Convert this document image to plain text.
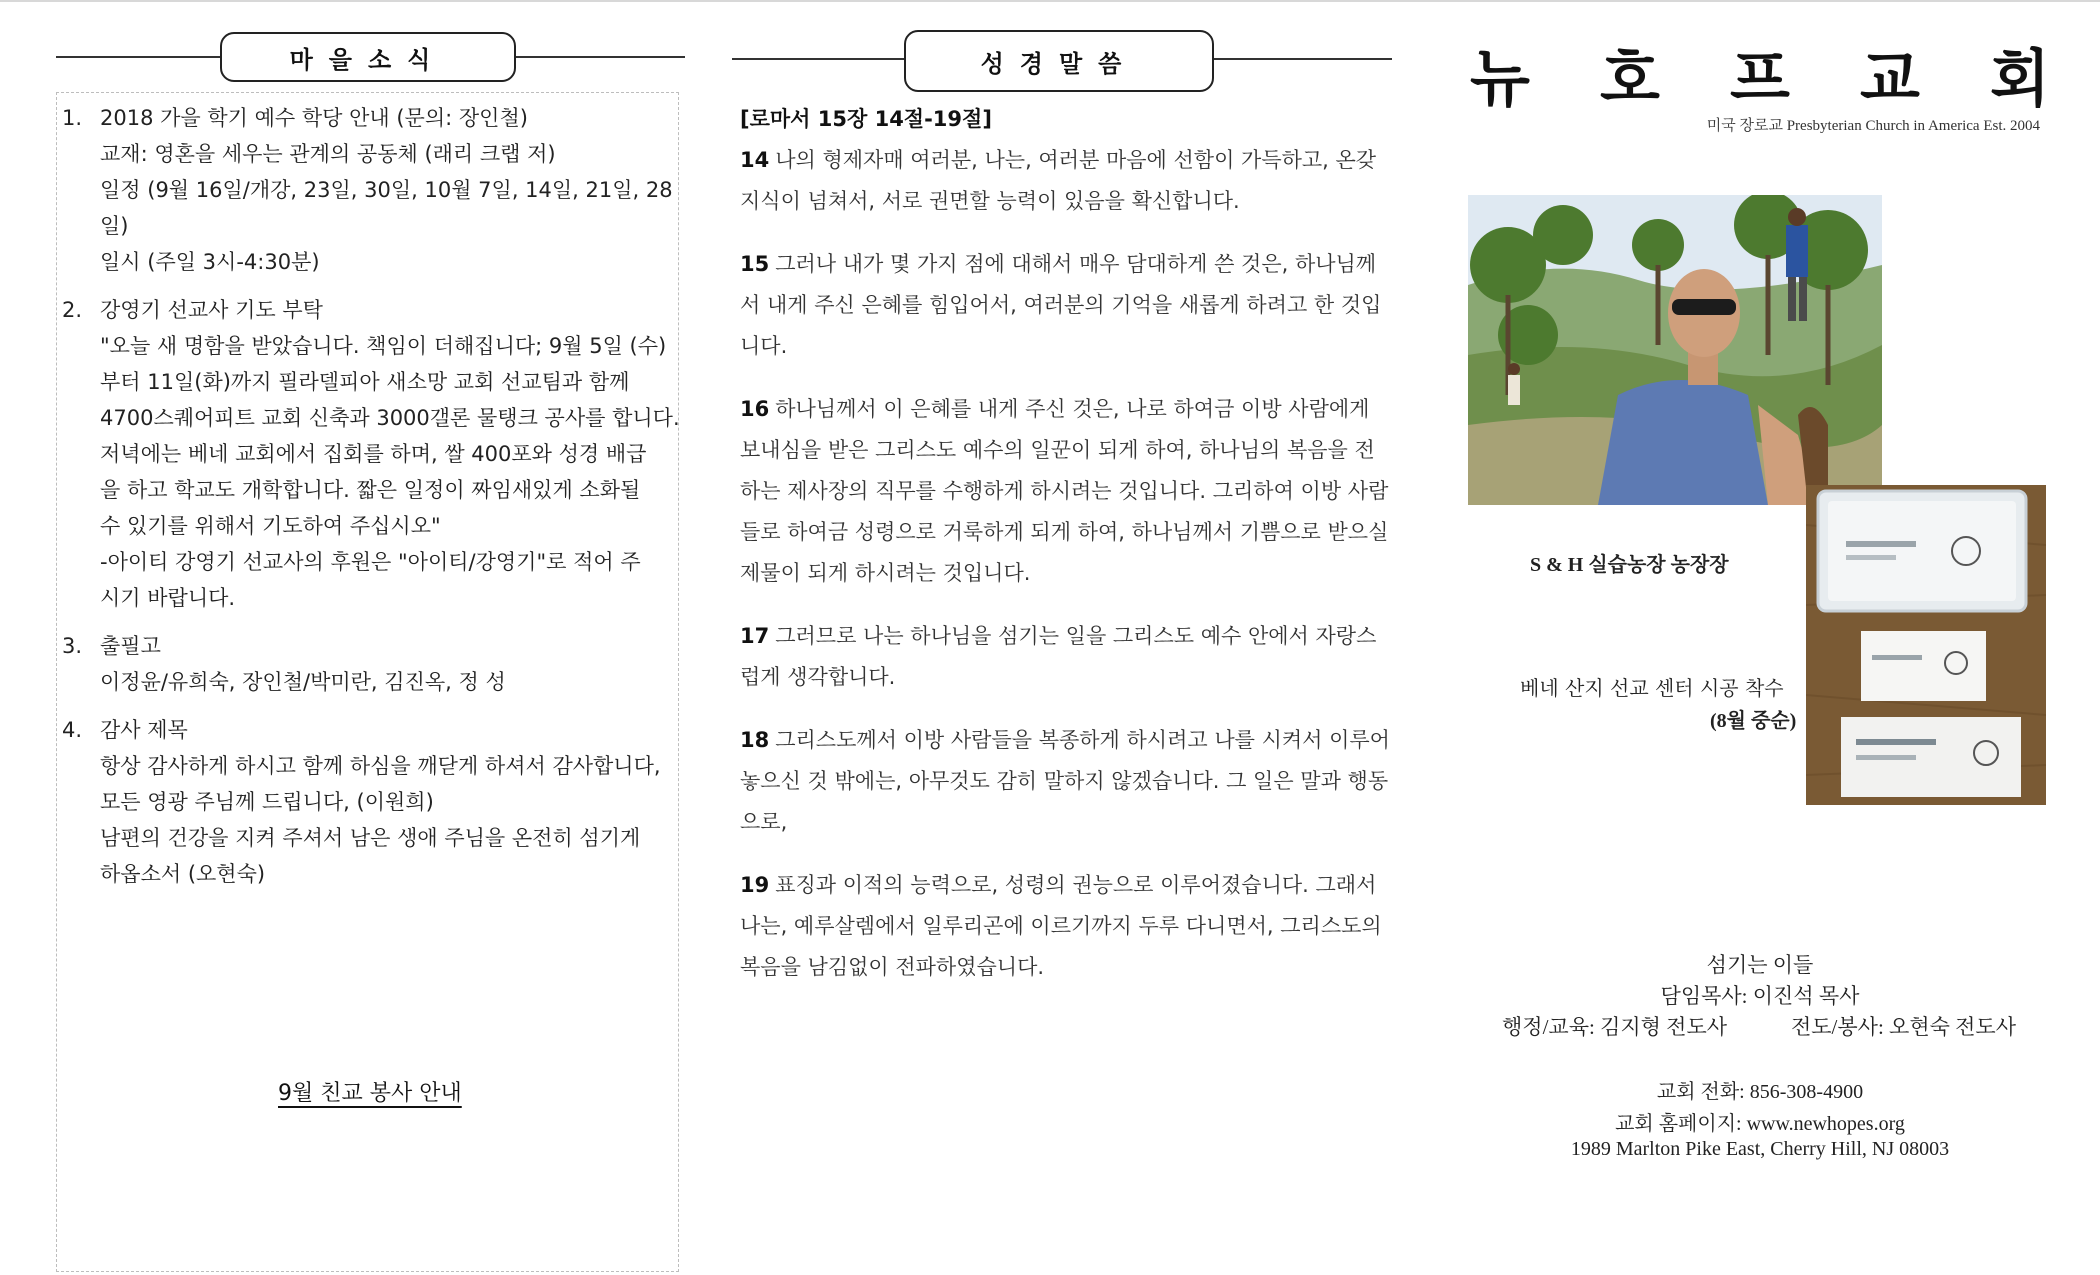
마을소식
1. 2018 가을 학기 예수 학당 안내 (문의: 장인철)
교재: 영혼을 세우는 관계의 공동체 (래리 크랩 저)
일정 (9월 16일/개강, 23일, 30일, 10월 7일, 14일, 21일, 28일)
일시 (주일 3시-4:30분)
2. 강영기 선교사 기도 부탁
"오늘 새 명함을 받았습니다. 책임이 더해집니다; 9월 5일 (수)
부터 11일(화)까지 필라델피아 새소망 교회 선교팀과 함께
4700스퀘어피트 교회 신축과 3000갤론 물탱크 공사를 합니다.
저녁에는 베네 교회에서 집회를 하며, 쌀 400포와 성경 배급
을 하고 학교도 개학합니다. 짧은 일정이 짜임새있게 소화될
수 있기를 위해서 기도하여 주십시오"
-아이티 강영기 선교사의 후원은 "아이티/강영기"로 적어 주
시기 바랍니다.
3. 출필고
이정윤/유희숙, 장인철/박미란, 김진옥, 정 성
4. 감사 제목
항상 감사하게 하시고 함께 하심을 깨닫게 하셔서 감사합니다,
모든 영광 주님께 드립니다, (이원희)
남편의 건강을 지켜 주셔서 남은 생애 주님을 온전히 섬기게
하옵소서 (오현숙)
9월 친교 봉사 안내
성경말씀
[로마서 15장 14절-19절]
14 나의 형제자매 여러분, 나는, 여러분 마음에 선함이 가득하고, 온갖 지식이 넘쳐서, 서로 권면할 능력이 있음을 확신합니다.
15 그러나 내가 몇 가지 점에 대해서 매우 담대하게 쓴 것은, 하나님께서 내게 주신 은혜를 힘입어서, 여러분의 기억을 새롭게 하려고 한 것입니다.
16 하나님께서 이 은혜를 내게 주신 것은, 나로 하여금 이방 사람에게 보내심을 받은 그리스도 예수의 일꾼이 되게 하여, 하나님의 복음을 전하는 제사장의 직무를 수행하게 하시려는 것입니다. 그리하여 이방 사람들로 하여금 성령으로 거룩하게 되게 하여, 하나님께서 기쁨으로 받으실 제물이 되게 하시려는 것입니다.
17 그러므로 나는 하나님을 섬기는 일을 그리스도 예수 안에서 자랑스럽게 생각합니다.
18 그리스도께서 이방 사람들을 복종하게 하시려고 나를 시켜서 이루어 놓으신 것 밖에는, 아무것도 감히 말하지 않겠습니다. 그 일은 말과 행동으로,
19 표징과 이적의 능력으로, 성령의 권능으로 이루어졌습니다. 그래서 나는, 예루살렘에서 일루리곤에 이르기까지 두루 다니면서, 그리스도의 복음을 남김없이 전파하였습니다.
뉴 호 프 교 회
미국 장로교 Presbyterian Church in America Est. 2004
S & H 실습농장 농장장
베네 산지 선교 센터 시공 착수
(8월 중순)
섬기는 이들
담임목사: 이진석 목사
행정/교육: 김지형 전도사	전도/봉사: 오현숙 전도사
교회 전화: 856-308-4900
교회 홈페이지: www.newhopes.org
1989 Marlton Pike East, Cherry Hill, NJ 08003
